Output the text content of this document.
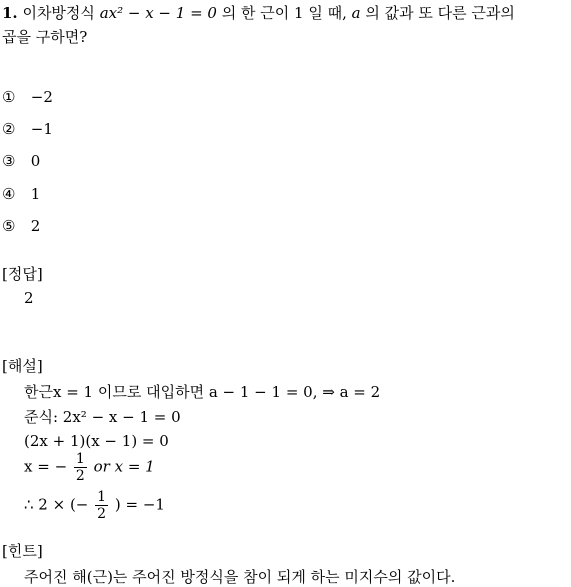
1. 이차방정식 ax² − x − 1 = 0 의 한 근이 1 일 때, a 의 값과 또 다른 근과의
곱을 구하면?
① −2
② −1
③ 0
④ 1
⑤ 2
[정답]
2
[해설]
한근x = 1 이므로 대입하면 a − 1 − 1 = 0, ⇒ a = 2
준식: 2x² − x − 1 = 0
(2x + 1)(x − 1) = 0
x = − $\frac{1}{2}$ or x = 1
∴ 2 × (− $\frac{1}{2}$ ) = −1
[힌트]
주어진 해(근)는 주어진 방정식을 참이 되게 하는 미지수의 값이다.
